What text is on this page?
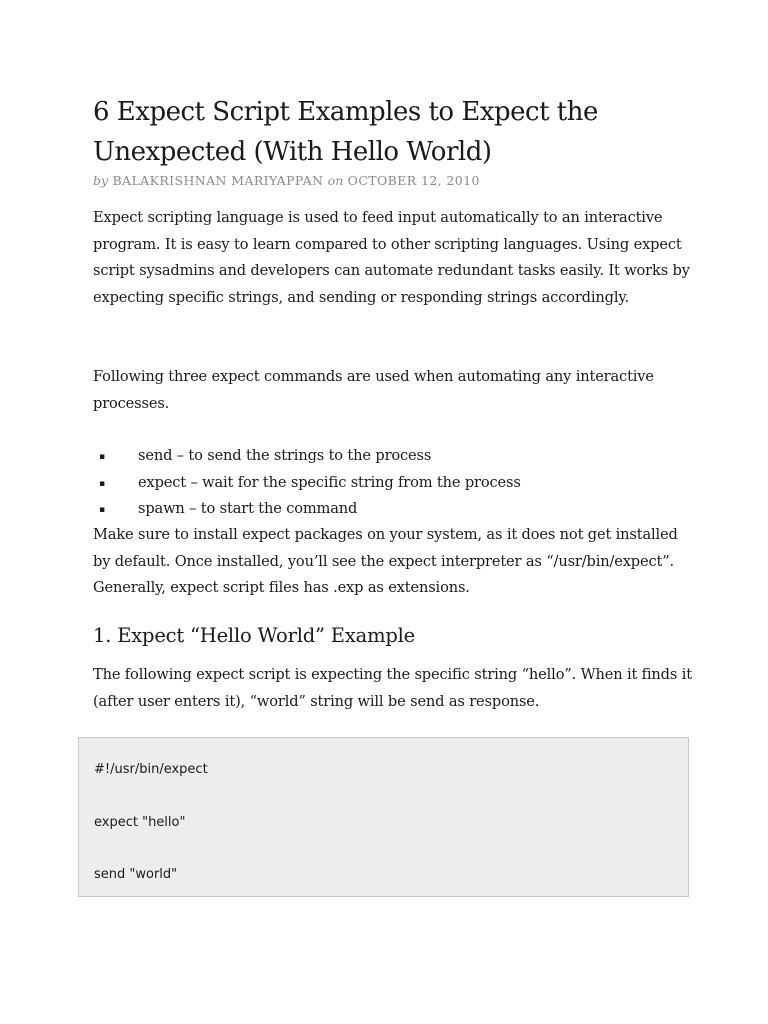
6 Expect Script Examples to Expect the Unexpected (With Hello World)
by BALAKRISHNAN MARIYAPPAN on OCTOBER 12, 2010

Expect scripting language is used to feed input automatically to an interactive program. It is easy to learn compared to other scripting languages. Using expect script sysadmins and developers can automate redundant tasks easily. It works by expecting specific strings, and sending or responding strings accordingly.

Following three expect commands are used when automating any interactive processes.

▪ send – to send the strings to the process
▪ expect – wait for the specific string from the process
▪ spawn – to start the command

Make sure to install expect packages on your system, as it does not get installed by default. Once installed, you’ll see the expect interpreter as “/usr/bin/expect”. Generally, expect script files has .exp as extensions.

1. Expect “Hello World” Example

The following expect script is expecting the specific string “hello”. When it finds it (after user enters it), “world” string will be send as response.

#!/usr/bin/expect
expect "hello"
send "world"
